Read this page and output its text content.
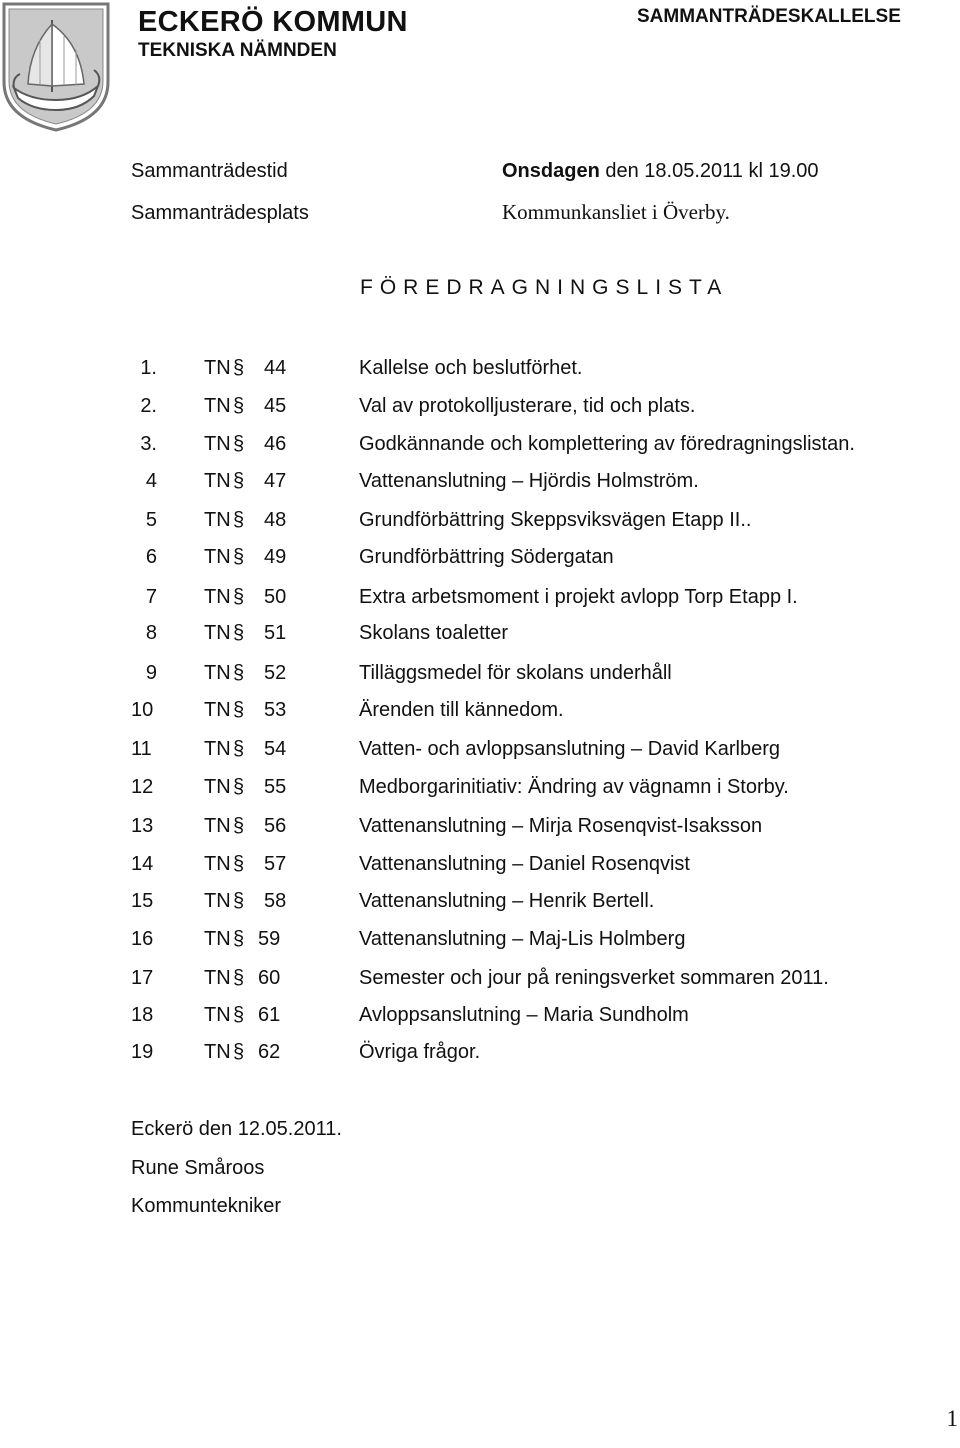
ECKERÖ KOMMUN
TEKNISKA NÄMNDEN
SAMMANTRÄDESKALLELSE
Sammanträdestid	Onsdagen den 18.05.2011 kl 19.00
Sammanträdesplats	Kommunkansliet i Överby.
FÖREDRAGNINGSLISTA
1. TN § 44	Kallelse och beslutförhet.
2. TN § 45	Val av protokolljusterare, tid och plats.
3. TN § 46	Godkännande och komplettering av föredragningslistan.
4 TN § 47	Vattenanslutning – Hjördis Holmström.
5 TN § 48	Grundförbättring Skeppsviksvägen Etapp II..
6 TN § 49	Grundförbättring Södergatan
7 TN § 50	Extra arbetsmoment i projekt avlopp Torp Etapp I.
8 TN § 51	Skolans toaletter
9 TN § 52	Tilläggsmedel för skolans underhåll
10	TN § 53	Ärenden till kännedom.
11	TN § 54	Vatten- och avloppsanslutning – David Karlberg
12	TN § 55	Medborgarinitiativ: Ändring av vägnamn i Storby.
13	TN § 56	Vattenanslutning – Mirja Rosenqvist-Isaksson
14	TN § 57	Vattenanslutning – Daniel Rosenqvist
15	TN § 58	Vattenanslutning – Henrik Bertell.
16	TN § 59	Vattenanslutning – Maj-Lis Holmberg
17	TN § 60	Semester och jour på reningsverket sommaren 2011.
18	TN § 61	Avloppsanslutning – Maria Sundholm
19	TN § 62	Övriga frågor.
Eckerö den 12.05.2011.
Rune Småroos
Kommuntekniker
1
